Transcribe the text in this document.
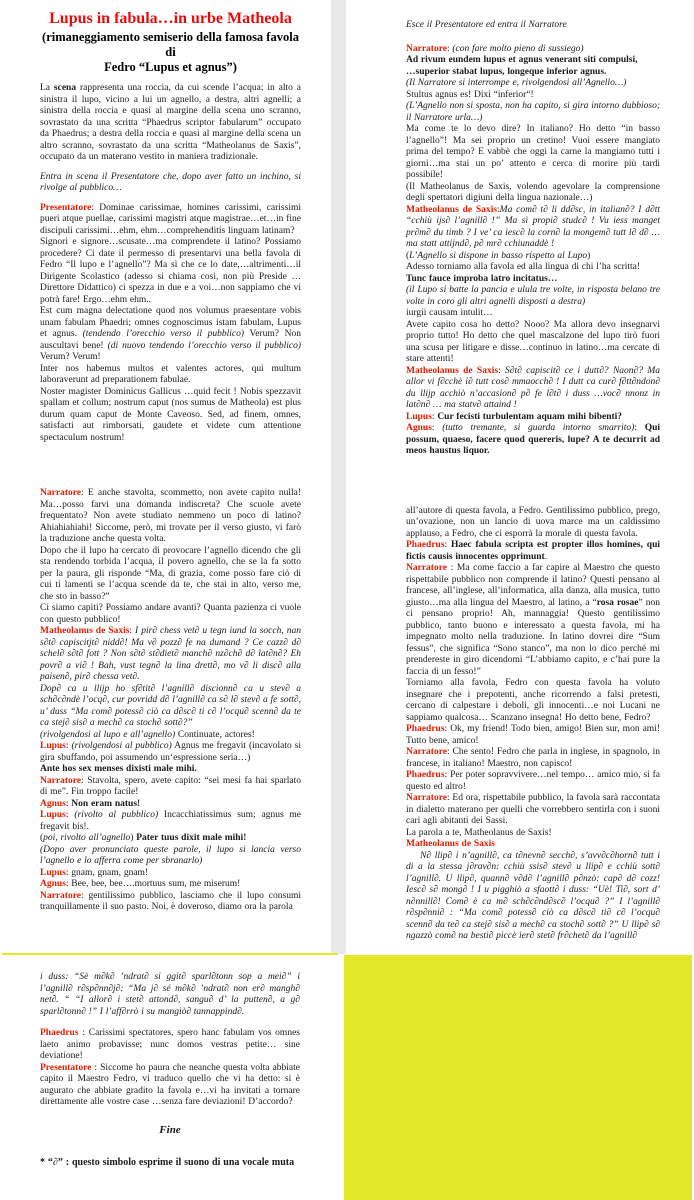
Lupus in fabula…in urbe Matheola

(rimaneggiamento semiserio della famosa favola di

Fedro “Lupus et agnus”)

La scena rappresenta una roccia, da cui scende l’acqua; in alto a sinistra il lupo, vicino a lui un agnello, a destra, altri agnelli; a sinistra della roccia e quasi al margine della scena uno scranno, sovrastato da una scritta “Phaedrus scriptor fabularum” occupato da Phaedrus; a destra della roccia e quasi al margine della scena un altro scranno, sovrastato da una scritta “Matheolanus de Saxis”, occupato da un materano vestito in maniera tradizionale.

Entra in scena il Presentatore che, dopo aver fatto un inchino, si rivolge al pubblico…

Presentatore: Dominae carissimae, homines carissimi, carissimi pueri atque puellae, carissimi magistri atque magistrae…et…in fine discipuli carissimi…ehm, ehm…comprehenditis linguam latinam?

Signori e signore…scusate…ma comprendete il latino? Possiamo procedere? Ci date il permesso di presentarvi una bella favola di Fedro “Il lupo e l’agnello”? Ma sì che ce lo date,…altrimenti…il Dirigente Scolastico (adesso si chiama così, non più Preside …Direttore Didattico) ci spezza in due e a voi…non sappiamo che vi potrà fare! Ergo…ehm ehm..

Est cum magna delectatione quod nos volumus praesentare vobis unam fabulam Phaedri; omnes cognoscimus istam fabulam, Lupus et agnus. (tendendo l’orecchio verso il pubblico) Verum? Non auscultavi bene! (di nuovo tendendo l’orecchio verso il pubblico) Verum? Verum!

Inter nos habemus multos et valentes actores, qui multum laboraverunt ad preparationem fabulae.

Noster magister Dominicus Gallicus …quid fecit ! Nobis spezzavit spallam et collum; nostrum caput (nos sumus de Matheola) est plus durum quam caput de Monte Caveoso. Sed, ad finem, omnes, satisfacti aut rimborsati, gaudete et videte cum attentione spectaculum nostrum!

Narratore: E anche stavolta, scommetto, non avete capito nulla! Ma…posso farvi una domanda indiscreta? Che scuole avete frequentato? Non avete studiato nemmeno un poco di latino? Ahiahiahiahi! Siccome, però, mi trovate per il verso giusto, vi farò la traduzione anche questa volta.

Dopo che il lupo ha cercato di provocare l’agnello dicendo che gli sta rendendo torbida l’acqua, il povero agnello, che se la fa sotto per la paura, gli risponde “Ma, di grazia, come posso fare ciò di cui ti lamenti se l’acqua scende da te, che stai in alto, verso me, che sto in basso?”

Ci siamo capiti? Possiamo andare avanti? Quanta pazienza ci vuole con questo pubblico!

Matheolanus de Saxis: I pir∂ chess vet∂ u tegn iund la socch, nan s∂t∂ capiscitjt∂ nidd∂! Ma v∂ pozz∂ fe na dumand ? Ce cazz∂ d∂ schel∂ s∂t∂ fott ? Non s∂t∂ st∂diet∂ manch∂ nz∂ch∂ d∂ lat∂n∂? Eh povr∂ a vi∂ ! Bah, vust tegn∂ la lina drett∂, mo v∂ li disc∂ alla paisen∂, pir∂ chessa vet∂.

Dop∂ ca u llijp ho sf∂tit∂ l’agnill∂ discionn∂ ca u stev∂ a sch∂c∂ndè l’ocq∂, cur povridd d∂ l’agnill∂ ca s∂ l∂ stev∂ a fe sott∂, u’ duss “Ma com∂ potess∂ ciò ca d∂sc∂ ti c∂ l’ocqu∂ scenn∂ da te ca stej∂ sis∂ a mech∂ ca stoch∂ sott∂?”

(rivolgendosi al lupo e all’agnello) Continuate, actores!

Lupus: (rivolgendosi al pubblico) Agnus me fregavit (incavolato si gira sbuffando, poi assumendo un‘espressione seria…)

Ante hos sex menses dixisti male mihi.

Narratore: Stavolta, spero, avete capito: “sei mesi fa hai sparlato di me”. Fin troppo facile!

Agnus: Non eram natus!

Lupus: (rivolto al pubblico) Incacchiatissimus sum; agnus me fregavit bis!.

(poi, rivolto all’agnello) Pater tuus dixit male mihi!

(Dopo aver pronunciato queste parole, il lupo si lancia verso l’agnello e lo afferra come per sbranarlo)

Lupus: gnam, gnam, gnam!

Agnus: Bee, bee, bee….mortuus sum, me miserum!

Narratore: gentilissimo pubblico, lasciamo che il lupo consumi tranquillamente il suo pasto. Noi, è doveroso, diamo ora la parola

Esce il Presentatore ed entra il Narratore

Narratore: (con fare molto pieno di sussiego)

Ad rivum eundem lupus et agnus venerant siti compulsi,
…superior stabat lupus, longeque inferior agnus.

(Il Narratore si interrompe e, rivolgendosi all’Agnello…)

Stultus agnus es! Dixi “inferior“!

(L’Agnello non si sposta, non ha capito, si gira intorno dubbioso; il Narratore urla…)

Ma come te lo devo dire? In italiano? Ho detto “in basso l’agnello”! Ma sei proprio un cretino! Vuoi essere mangiato prima del tempo? E vabbè che oggi la carne la mangiamo tutti i giorni…ma stai un po’ attento e cerca di morire più tardi possibile!

(Il Matheolanus de Saxis, volendo agevolare la comprensione degli spettatori digiuni della lingua nazionale…)

Matheolanus de Saxis:Ma com∂ t∂ li dd∂sc, in italian∂? I d∂tt “cchiù ijs∂ l’agnill∂ !” Ma sì propi∂ studc∂ ! Vu iess manget pr∂m∂ du timb ? I ve’ ca iesc∂ la corn∂ la mongem∂ tutt l∂ d∂ …ma statt attijnd∂, p∂ mr∂ cchiunaddè !

(L’Agnello si dispone in basso rispetto al Lupo)

Adesso torniamo alla favola ed alla lingua di chi l’ha scritta!

Tunc fauce improba latro incitatus…

(il Lupo si batte la pancia e ulula tre volte, in risposta belano tre volte in coro gli altri agnelli disposti a destra)

iurgii causam intulit…

Avete capito cosa ho detto? Nooo? Ma allora devo insegnarvi proprio tutto! Ho detto che quel mascalzone del lupo tirò fuori una scusa per litigare e disse…continuo in latino…ma cercate di stare attenti!

Matheolanus de Saxis: S∂t∂ capiscit∂ ce i dutt∂? Naon∂? Ma allor vi f∂cchè i∂ tutt cos∂ mmaocch∂ ! I dutt ca cur∂ f∂tt∂ndon∂ du llijp acchiò n’accasion∂ p∂ fe l∂t∂ i duss …voc∂ nnonz in lat∂n∂ … ma statv∂ attaind !

Lupus: Cur fecisti turbulentam aquam mihi bibenti?

Agnus: (tutto tremante, si guarda intorno smarrito): Qui possum, quaeso, facere quod quereris, lupe? A te decurrit ad meos haustus liquor.

all’autore di questa favola, a Fedro. Gentilissimo pubblico, prego, un’ovazione, non un lancio di uova marce ma un caldissimo applauso, a Fedro, che ci esporrà la morale di questa favola.

Phaedrus: Haec fabula scripta est propter illos homines, qui fictis causis innocentes opprimunt.

Narratore : Ma come faccio a far capire al Maestro che questo rispettabile pubblico non comprende il latino? Questi pensano al francese, all’inglese, all’informatica, alla danza, alla musica, tutto giusto…ma alla lingua del Maestro, al latino, a “rosa rosae” non ci pensano proprio! Ah, mannaggia! Questo gentilissimo pubblico, tanto buono e interessato a questa favola, mi ha impegnato molto nella traduzione. In latino dovrei dire “Sum fessus”, che significa “Sono stanco”, ma non lo dico perché mi prendereste in giro dicendomi “L’abbiamo capito, e c’hai pure la faccia di un fesso!”

Torniamo alla favola, Fedro con questa favola ha voluto insegnare che i prepotenti, anche ricorrendo a falsi pretesti, cercano di calpestare i deboli, gli innocenti…e noi Lucani ne sappiamo qualcosa… Scanzano insegna! Ho detto bene, Fedro?

Phaedrus: Ok, my friend! Todo bien, amigo! Bien sur, mon ami! Tutto bene, amico!

Narratore: Che sento! Fedro che parla in inglese, in spagnolo, in francese, in italiano! Maestro, non capisco!

Phaedrus: Per poter sopravvivere…nel tempo… amico mio, si fa questo ed altro!

Narratore: Ed ora, rispettabile pubblico, la favola sarà raccontata in dialetto materano per quelli che vorrebbero sentirla con i suoni cari agli abitanti dei Sassi.

La parola a te, Matheolanus de Saxis!

Matheolanus de Saxis

N∂ llip∂ i n’agnill∂, ca t∂nevn∂ secch∂, s’avv∂c∂horn∂ tutt i di a la stessa j∂rav∂n: cchiù ssis∂ stev∂ u llip∂ e cchiù sott∂ l’agnill∂. U llip∂, quann∂ v∂d∂ l’agnill∂ p∂nzò: cap∂ d∂ cozz! Iesc∂ s∂ mong∂ ! I u pigghiò a sfaott∂ i duss: “Uè! Ti∂, sort d’ n∂nnill∂! Com∂ è ca m∂ sch∂c∂nd∂sc∂ l’ocqu∂ ?” I l’agnill∂ r∂sp∂nni∂ : “Ma com∂ potess∂ ciò ca d∂sc∂ ti∂ c∂ l’ocqu∂ scenn∂ da te∂ ca stej∂ sis∂ a mech∂ ca stoch∂ sott∂ ?” U llip∂ s∂ ngazzò com∂ na besti∂ piccè ier∂ stet∂ fr∂chet∂ da l’agnill∂

i duss: “Sè m∂k∂ ’ndrat∂ si ggit∂ sparl∂tonn sop a mei∂” i l’agnill∂ r∂sp∂nn∂j∂: “Ma j∂ sé m∂k∂ ’ndrat∂ non er∂ mangh∂ net∂. “ “I allor∂ i stet∂ attond∂, sangu∂ d’ la putten∂, a g∂ sparl∂tonn∂ !” I l’aff∂rrò i su mangiò∂ tannappind∂.

Phaedrus : Carissimi spectatores, spero hanc fabulam vos omnes laeto animo probavisse; nunc domos vestras petite… sine deviatione!

Presentatore : Siccome ho paura che neanche questa volta abbiate capito il Maestro Fedro, vi traduco quello che vi ha detto: si è augurato che abbiate gradito la favola e…vi ha invitati a tornare direttamente alle vostre case …senza fare deviazioni! D’accordo?

Fine

* “∂” : questo simbolo esprime il suono di una vocale muta
